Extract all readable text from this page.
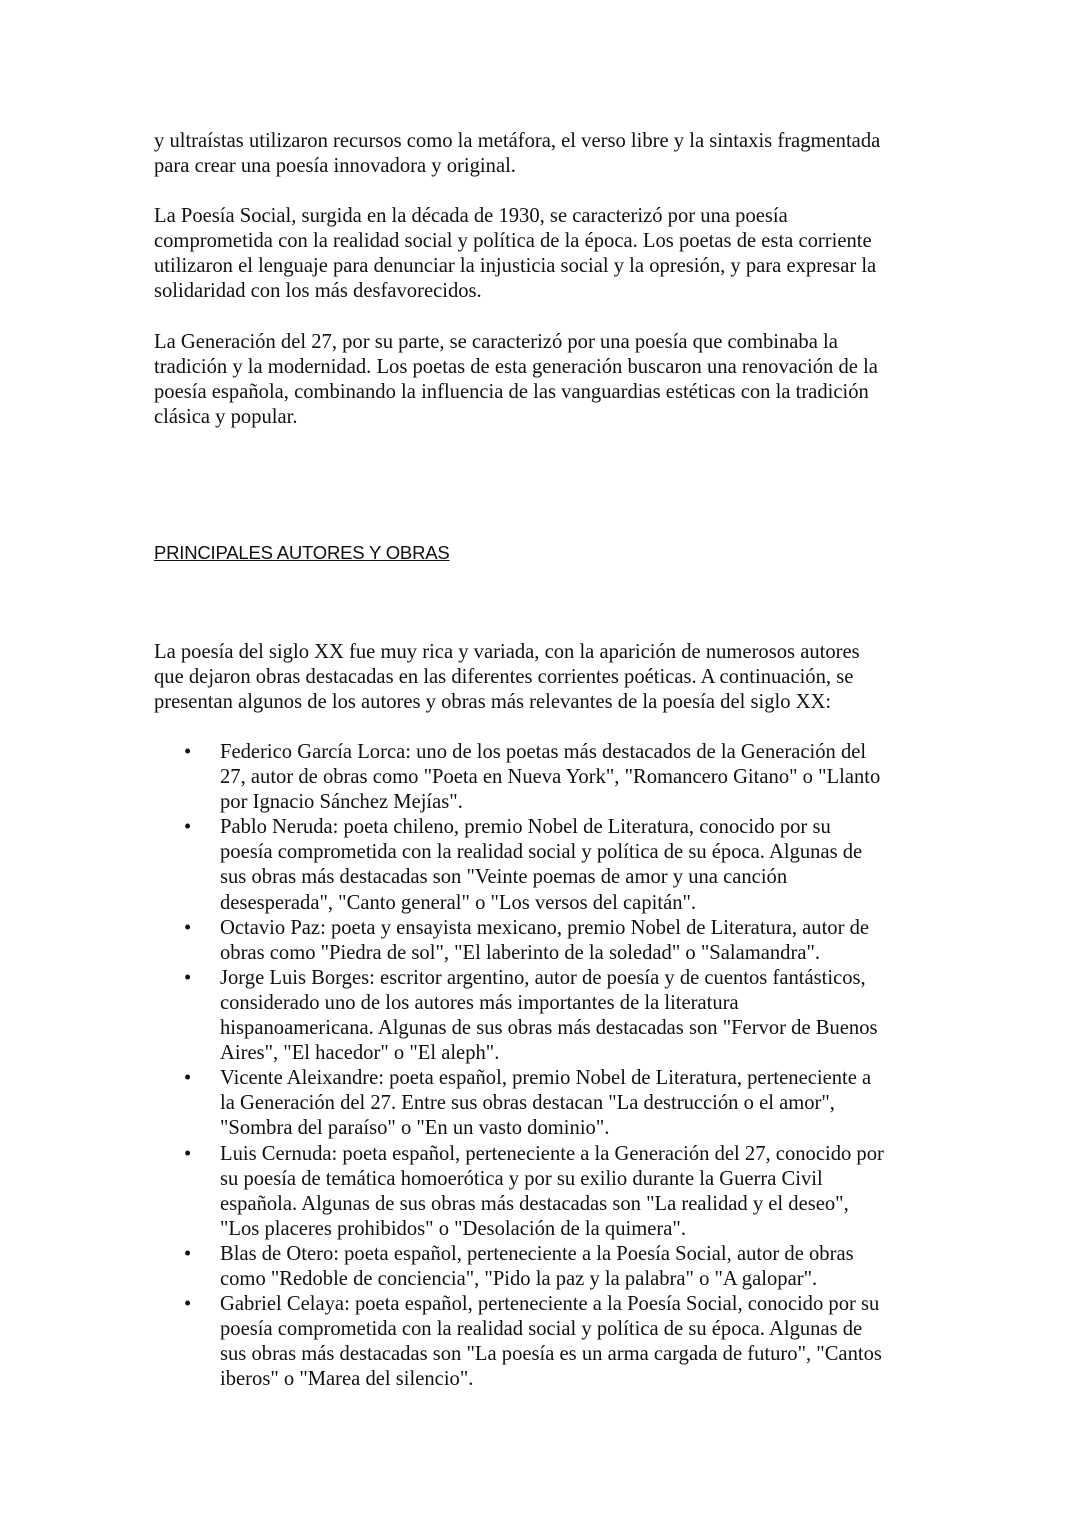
y ultraístas utilizaron recursos como la metáfora, el verso libre y la sintaxis fragmentada
para crear una poesía innovadora y original.
La Poesía Social, surgida en la década de 1930, se caracterizó por una poesía
comprometida con la realidad social y política de la época. Los poetas de esta corriente
utilizaron el lenguaje para denunciar la injusticia social y la opresión, y para expresar la
solidaridad con los más desfavorecidos.
La Generación del 27, por su parte, se caracterizó por una poesía que combinaba la
tradición y la modernidad. Los poetas de esta generación buscaron una renovación de la
poesía española, combinando la influencia de las vanguardias estéticas con la tradición
clásica y popular.
PRINCIPALES AUTORES Y OBRAS
La poesía del siglo XX fue muy rica y variada, con la aparición de numerosos autores
que dejaron obras destacadas en las diferentes corrientes poéticas. A continuación, se
presentan algunos de los autores y obras más relevantes de la poesía del siglo XX:
• Federico García Lorca: uno de los poetas más destacados de la Generación del
27, autor de obras como "Poeta en Nueva York", "Romancero Gitano" o "Llanto
por Ignacio Sánchez Mejías".
• Pablo Neruda: poeta chileno, premio Nobel de Literatura, conocido por su
poesía comprometida con la realidad social y política de su época. Algunas de
sus obras más destacadas son "Veinte poemas de amor y una canción
desesperada", "Canto general" o "Los versos del capitán".
• Octavio Paz: poeta y ensayista mexicano, premio Nobel de Literatura, autor de
obras como "Piedra de sol", "El laberinto de la soledad" o "Salamandra".
• Jorge Luis Borges: escritor argentino, autor de poesía y de cuentos fantásticos,
considerado uno de los autores más importantes de la literatura
hispanoamericana. Algunas de sus obras más destacadas son "Fervor de Buenos
Aires", "El hacedor" o "El aleph".
• Vicente Aleixandre: poeta español, premio Nobel de Literatura, perteneciente a
la Generación del 27. Entre sus obras destacan "La destrucción o el amor",
"Sombra del paraíso" o "En un vasto dominio".
• Luis Cernuda: poeta español, perteneciente a la Generación del 27, conocido por
su poesía de temática homoerótica y por su exilio durante la Guerra Civil
española. Algunas de sus obras más destacadas son "La realidad y el deseo",
"Los placeres prohibidos" o "Desolación de la quimera".
• Blas de Otero: poeta español, perteneciente a la Poesía Social, autor de obras
como "Redoble de conciencia", "Pido la paz y la palabra" o "A galopar".
• Gabriel Celaya: poeta español, perteneciente a la Poesía Social, conocido por su
poesía comprometida con la realidad social y política de su época. Algunas de
sus obras más destacadas son "La poesía es un arma cargada de futuro", "Cantos
iberos" o "Marea del silencio".
